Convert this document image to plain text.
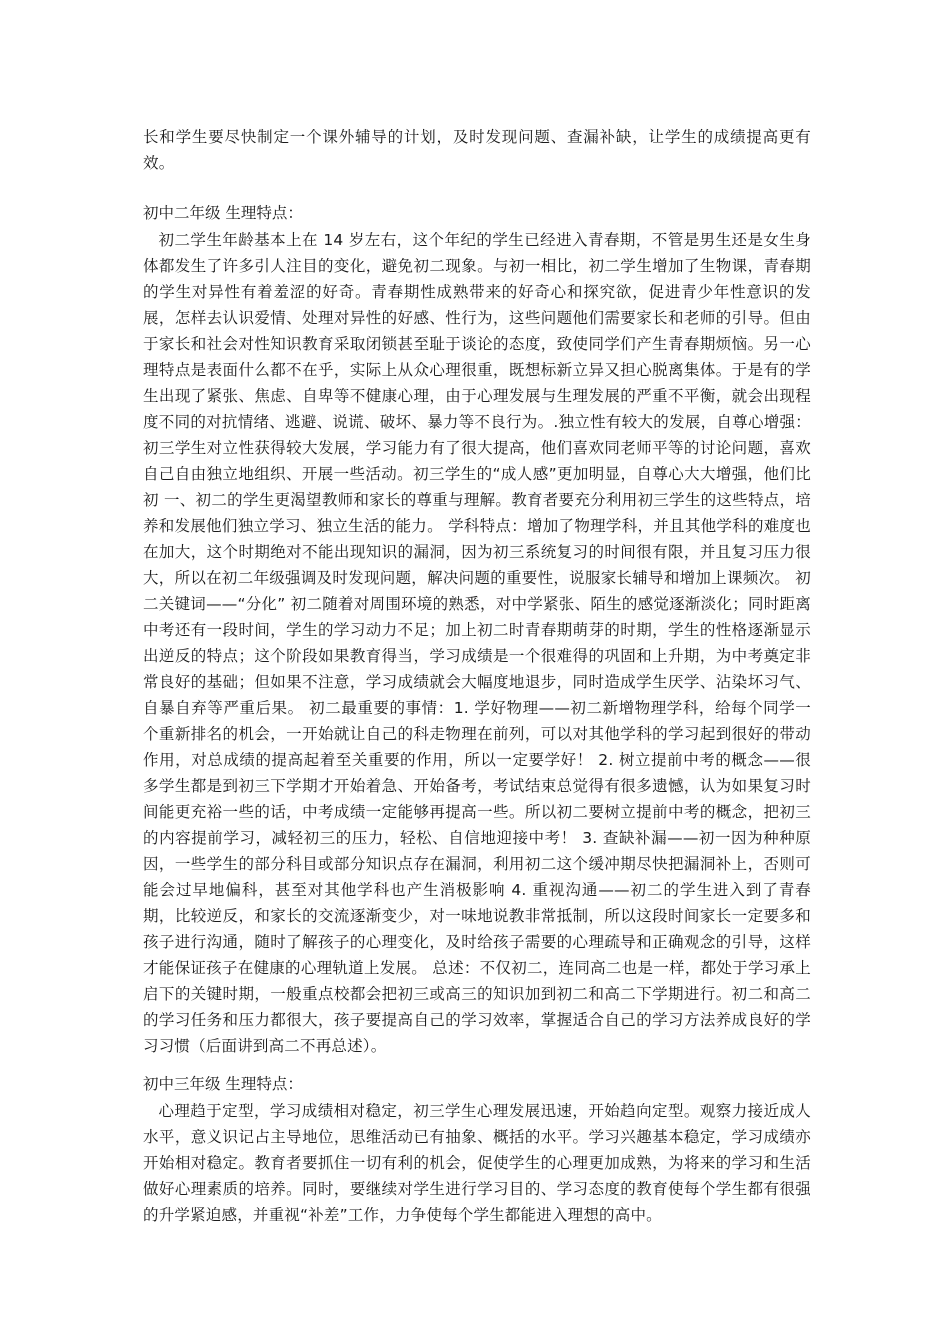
长和学生要尽快制定一个课外辅导的计划，及时发现问题、查漏补缺，让学生的成绩提高更有效。
初中二年级 生理特点：
初二学生年龄基本上在 14 岁左右，这个年纪的学生已经进入青春期，不管是男生还是女生身体都发生了许多引人注目的变化，避免初二现象。与初一相比，初二学生增加了生物课，青春期的学生对异性有着羞涩的好奇。青春期性成熟带来的好奇心和探究欲，促进青少年性意识的发展，怎样去认识爱情、处理对异性的好感、性行为，这些问题他们需要家长和老师的引导。但由于家长和社会对性知识教育采取闭锁甚至耻于谈论的态度，致使同学们产生青春期烦恼。另一心理特点是表面什么都不在乎，实际上从众心理很重，既想标新立异又担心脱离集体。于是有的学生出现了紧张、焦虑、自卑等不健康心理，由于心理发展与生理发展的严重不平衡，就会出现程度不同的对抗情绪、逃避、说谎、破坏、暴力等不良行为。.独立性有较大的发展，自尊心增强：初三学生对立性获得较大发展，学习能力有了很大提高，他们喜欢同老师平等的讨论问题，喜欢自己自由独立地组织、开展一些活动。初三学生的“成人感”更加明显，自尊心大大增强，他们比初 一、初二的学生更渴望教师和家长的尊重与理解。教育者要充分利用初三学生的这些特点，培养和发展他们独立学习、独立生活的能力。 学科特点：增加了物理学科，并且其他学科的难度也在加大，这个时期绝对不能出现知识的漏洞，因为初三系统复习的时间很有限，并且复习压力很大，所以在初二年级强调及时发现问题，解决问题的重要性，说服家长辅导和增加上课频次。 初二关键词——“分化” 初二随着对周围环境的熟悉，对中学紧张、陌生的感觉逐渐淡化；同时距离中考还有一段时间，学生的学习动力不足；加上初二时青春期萌芽的时期，学生的性格逐渐显示出逆反的特点；这个阶段如果教育得当，学习成绩是一个很难得的巩固和上升期，为中考奠定非常良好的基础；但如果不注意，学习成绩就会大幅度地退步，同时造成学生厌学、沾染坏习气、自暴自弃等严重后果。 初二最重要的事情：1. 学好物理——初二新增物理学科，给每个同学一个重新排名的机会，一开始就让自己的科走物理在前列，可以对其他学科的学习起到很好的带动作用，对总成绩的提高起着至关重要的作用，所以一定要学好！ 2. 树立提前中考的概念——很多学生都是到初三下学期才开始着急、开始备考，考试结束总觉得有很多遗憾，认为如果复习时间能更充裕一些的话，中考成绩一定能够再提高一些。所以初二要树立提前中考的概念，把初三的内容提前学习，减轻初三的压力，轻松、自信地迎接中考！ 3. 查缺补漏——初一因为种种原因，一些学生的部分科目或部分知识点存在漏洞，利用初二这个缓冲期尽快把漏洞补上，否则可能会过早地偏科，甚至对其他学科也产生消极影响 4. 重视沟通——初二的学生进入到了青春期，比较逆反，和家长的交流逐渐变少，对一味地说教非常抵制，所以这段时间家长一定要多和孩子进行沟通，随时了解孩子的心理变化，及时给孩子需要的心理疏导和正确观念的引导，这样才能保证孩子在健康的心理轨道上发展。 总述：不仅初二，连同高二也是一样，都处于学习承上启下的关键时期，一般重点校都会把初三或高三的知识加到初二和高二下学期进行。初二和高二的学习任务和压力都很大，孩子要提高自己的学习效率，掌握适合自己的学习方法养成良好的学习习惯（后面讲到高二不再总述）。
初中三年级 生理特点：
心理趋于定型，学习成绩相对稳定，初三学生心理发展迅速，开始趋向定型。观察力接近成人水平，意义识记占主导地位，思维活动已有抽象、概括的水平。学习兴趣基本稳定，学习成绩亦开始相对稳定。教育者要抓住一切有利的机会，促使学生的心理更加成熟，为将来的学习和生活做好心理素质的培养。同时，要继续对学生进行学习目的、学习态度的教育使每个学生都有很强的升学紧迫感，并重视“补差”工作，力争使每个学生都能进入理想的高中。
